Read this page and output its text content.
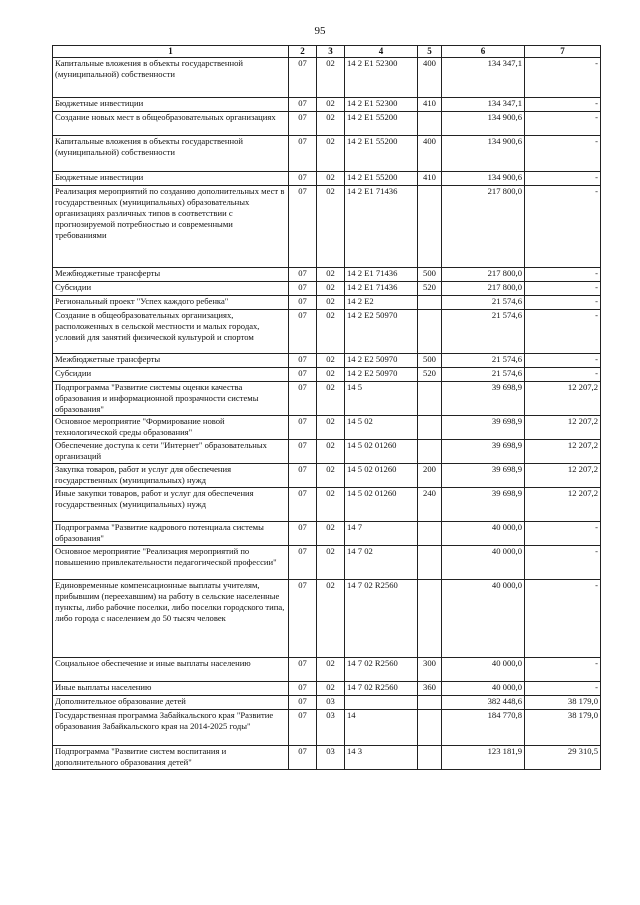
95
1	2	3	4	5	6	7
Капитальные вложения в объекты государственной (муниципальной) собственности	07	02	14 2 E1 52300	400	134 347,1	-
Бюджетные инвестиции	07	02	14 2 E1 52300	410	134 347,1	-
Создание новых мест в общеобразовательных организациях	07	02	14 2 E1 55200		134 900,6	-
Капитальные вложения в объекты государственной (муниципальной) собственности	07	02	14 2 E1 55200	400	134 900,6	-
Бюджетные инвестиции	07	02	14 2 E1 55200	410	134 900,6	-
Реализация мероприятий по созданию дополнительных мест в государственных (муниципальных) образовательных организациях различных типов в соответствии с прогнозируемой потребностью и современными требованиями	07	02	14 2 E1 71436		217 800,0	-
Межбюджетные трансферты	07	02	14 2 E1 71436	500	217 800,0	-
Субсидии	07	02	14 2 E1 71436	520	217 800,0	-
Региональный проект "Успех каждого ребенка"	07	02	14 2 E2		21 574,6	-
Создание в общеобразовательных организациях, расположенных в сельской местности и малых городах, условий для занятий физической культурой и спортом	07	02	14 2 E2 50970		21 574,6	-
Межбюджетные трансферты	07	02	14 2 E2 50970	500	21 574,6	-
Субсидии	07	02	14 2 E2 50970	520	21 574,6	-
Подпрограмма "Развитие системы оценки качества образования и информационной прозрачности системы образования"	07	02	14 5		39 698,9	12 207,2
Основное мероприятие "Формирование новой технологической среды образования"	07	02	14 5 02		39 698,9	12 207,2
Обеспечение доступа к сети "Интернет" образовательных организаций	07	02	14 5 02 01260		39 698,9	12 207,2
Закупка товаров, работ и услуг для обеспечения государственных (муниципальных) нужд	07	02	14 5 02 01260	200	39 698,9	12 207,2
Иные закупки товаров, работ и услуг для обеспечения государственных (муниципальных) нужд	07	02	14 5 02 01260	240	39 698,9	12 207,2
Подпрограмма "Развитие кадрового потенциала системы образования"	07	02	14 7		40 000,0	-
Основное мероприятие "Реализация мероприятий по повышению привлекательности педагогической профессии"	07	02	14 7 02		40 000,0	-
Единовременные компенсационные выплаты учителям, прибывшим (переехавшим) на работу в сельские населенные пункты, либо рабочие поселки, либо поселки городского типа, либо города с населением до 50 тысяч человек	07	02	14 7 02 R2560		40 000,0	-
Социальное обеспечение и иные выплаты населению	07	02	14 7 02 R2560	300	40 000,0	-
Иные выплаты населению	07	02	14 7 02 R2560	360	40 000,0	-
Дополнительное образование детей	07	03			382 448,6	38 179,0
Государственная программа Забайкальского края "Развитие образования Забайкальского края на 2014-2025 годы"	07	03	14		184 770,8	38 179,0
Подпрограмма "Развитие систем воспитания и дополнительного образования детей"	07	03	14 3		123 181,9	29 310,5
